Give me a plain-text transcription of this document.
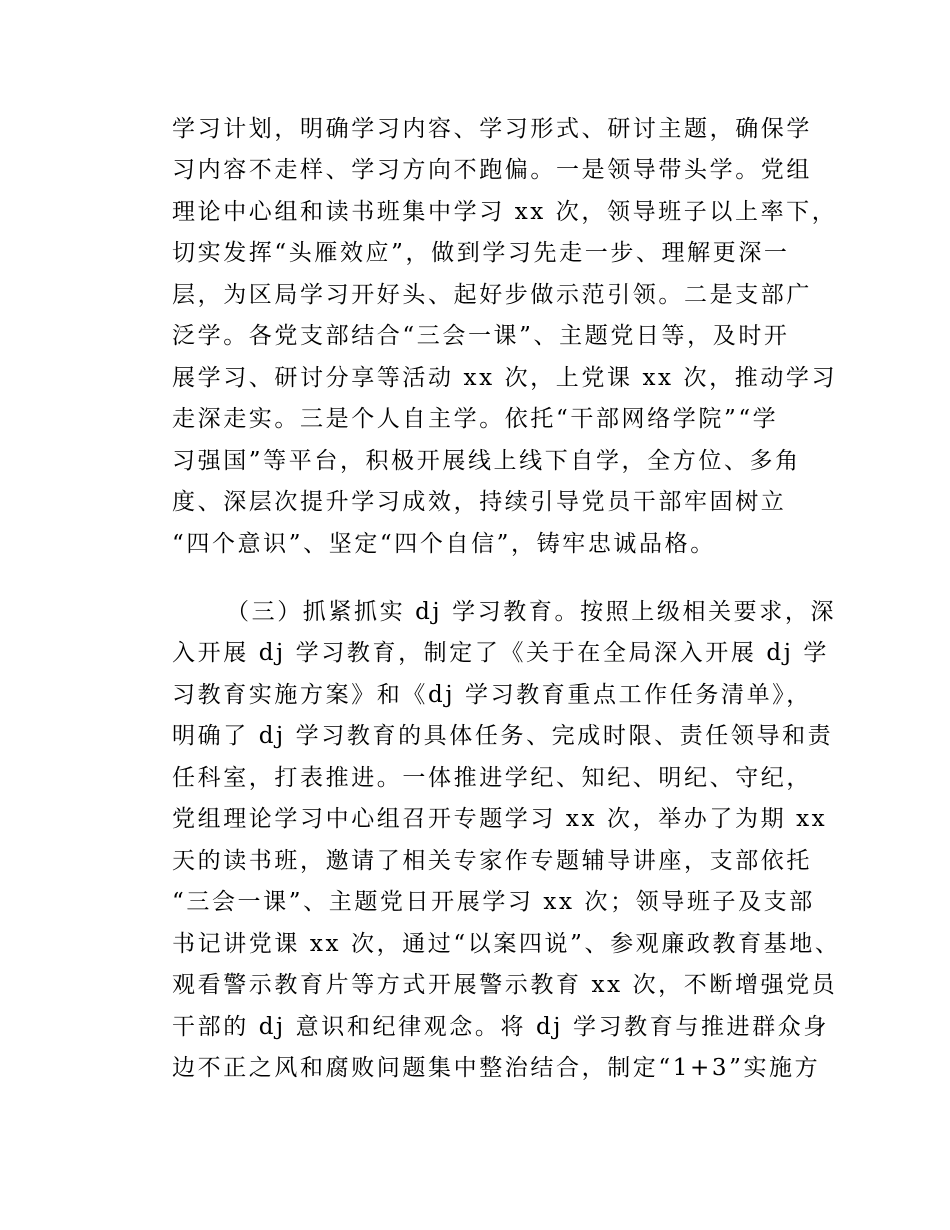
学习计划，明确学习内容、学习形式、研讨主题，确保学

习内容不走样、学习方向不跑偏。一是领导带头学。党组

理论中心组和读书班集中学习 xx 次，领导班子以上率下，

切实发挥“头雁效应”，做到学习先走一步、理解更深一

层，为区局学习开好头、起好步做示范引领。二是支部广

泛学。各党支部结合“三会一课”、主题党日等，及时开

展学习、研讨分享等活动 xx 次，上党课 xx 次，推动学习

走深走实。三是个人自主学。依托“干部网络学院”“学

习强国”等平台，积极开展线上线下自学，全方位、多角

度、深层次提升学习成效，持续引导党员干部牢固树立

“四个意识”、坚定“四个自信”，铸牢忠诚品格。

（三）抓紧抓实 dj 学习教育。按照上级相关要求，深

入开展 dj 学习教育，制定了《关于在全局深入开展 dj 学

习教育实施方案》和《dj 学习教育重点工作任务清单》，

明确了 dj 学习教育的具体任务、完成时限、责任领导和责

任科室，打表推进。一体推进学纪、知纪、明纪、守纪，

党组理论学习中心组召开专题学习 xx 次，举办了为期 xx

天的读书班，邀请了相关专家作专题辅导讲座，支部依托

“三会一课”、主题党日开展学习 xx 次；领导班子及支部

书记讲党课 xx 次，通过“以案四说”、参观廉政教育基地、

观看警示教育片等方式开展警示教育 xx 次，不断增强党员

干部的 dj 意识和纪律观念。将 dj 学习教育与推进群众身

边不正之风和腐败问题集中整治结合，制定“1+3”实施方
